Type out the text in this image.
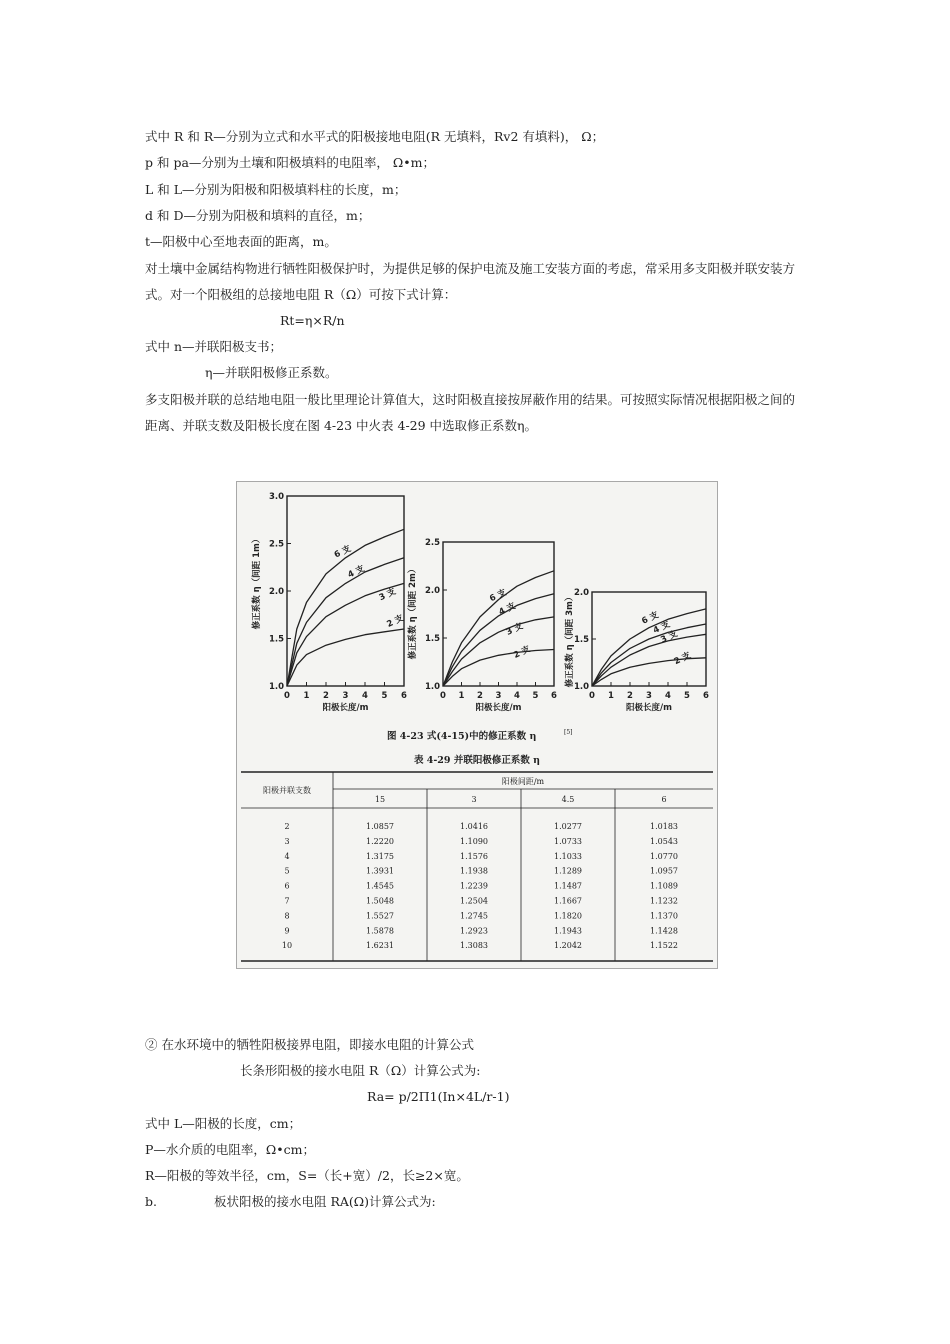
式中 R 和 R—分别为立式和水平式的阳极接地电阻(R 无填料，Rv2 有填料)， Ω；
p 和 pa—分别为土壤和阳极填料的电阻率， Ω•m；
L 和 L—分别为阳极和阳极填料柱的长度，m；
d 和 D—分别为阳极和填料的直径，m；
t—阳极中心至地表面的距离，m。
对土壤中金属结构物进行牺牲阳极保护时，为提供足够的保护电流及施工安装方面的考虑，常采用多支阳极并联安装方
式。对一个阳极组的总接地电阻 R（Ω）可按下式计算：
Rt=η×R/n
式中 n—并联阳极支书；
η—并联阳极修正系数。
多支阳极并联的总结地电阻一般比里理论计算值大，这时阳极直接按屏蔽作用的结果。可按照实际情况根据阳极之间的
距离、并联支数及阳极长度在图 4-23 中火表 4-29 中选取修正系数η。
0 1 2 3 4 5 6
1.0
1.5
2.0
2.5
3.0
阳极长度/m
修正系数 η（间距 1m）	6 支
4 支
3 支
2 支
0 1 2 3 4 5 6
1.0
1.5
2.0
2.5
阳极长度/m
修正系数 η（间距 2m）	6 支
4 支
3 支
2 支
0 1 2 3 4 5 6
1.0
1.5
2.0
阳极长度/m
修正系数 η（间距 3m）	6 支
4 支
3 支
2 支
图 4-23 式(4-15)中的修正系数 η	[5]
表 4-29 并联阳极修正系数 η
阳极并联支数
阳极间距/m
15	3	4.5	6
2	1.0857	1.0416	1.0277	1.0183
3	1.2220	1.1090	1.0733	1.0543
4	1.3175	1.1576	1.1033	1.0770
5	1.3931	1.1938	1.1289	1.0957
6	1.4545	1.2239	1.1487	1.1089
7	1.5048	1.2504	1.1667	1.1232
8	1.5527	1.2745	1.1820	1.1370
9	1.5878	1.2923	1.1943	1.1428
10	1.6231	1.3083	1.2042	1.1522
② 在水环境中的牺牲阳极接界电阻，即接水电阻的计算公式
长条形阳极的接水电阻 R（Ω）计算公式为:
Ra= p/2Π1(In×4L/r-1)
式中 L—阳极的长度，cm；
P—水介质的电阻率，Ω•cm；
R—阳极的等效半径，cm，S=（长+宽）/2，长≥2×宽。
b.	板状阳极的接水电阻 RA(Ω)计算公式为:
